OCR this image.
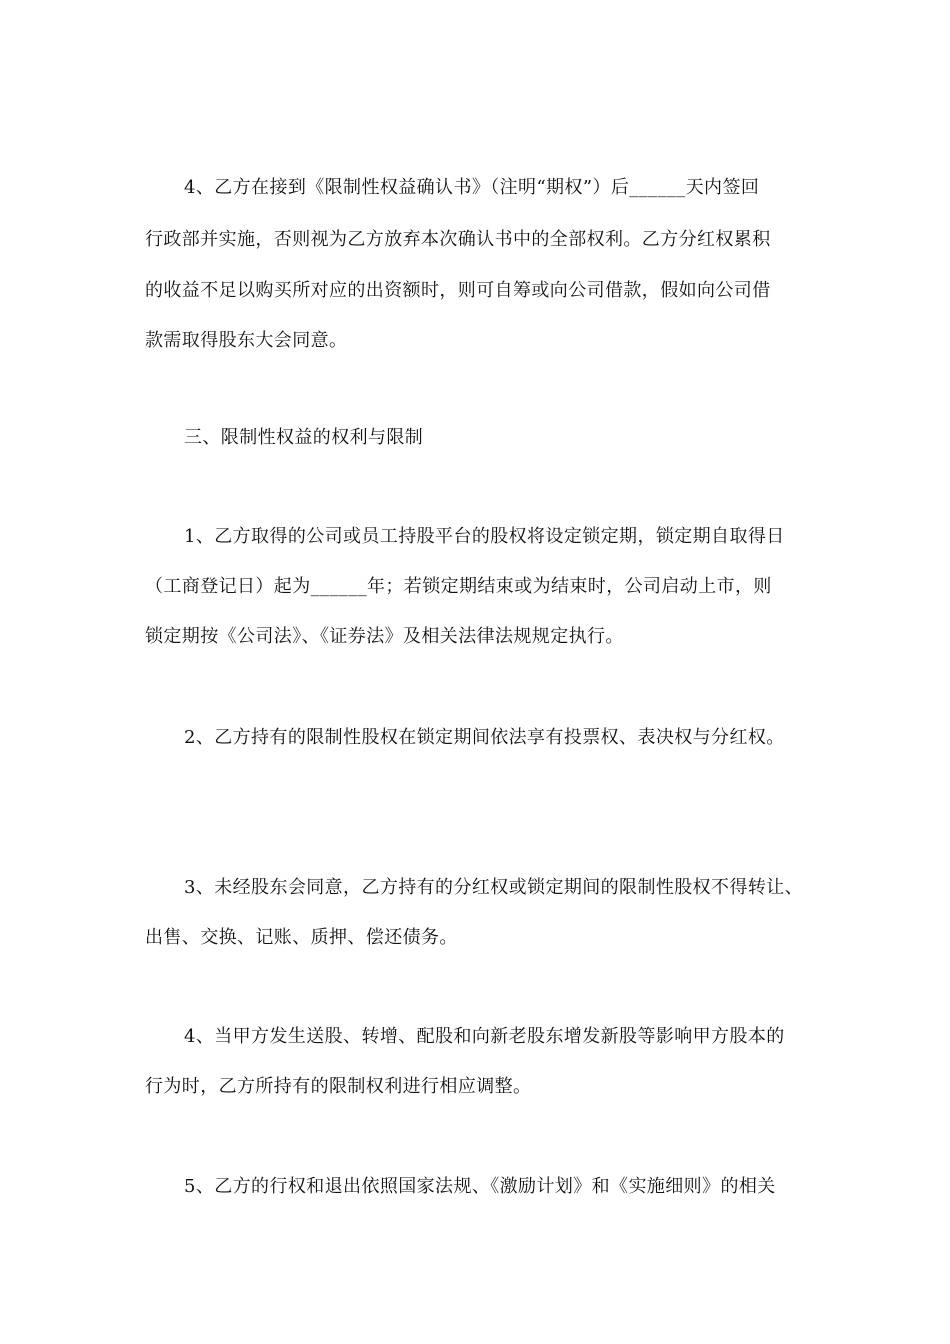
4、乙方在接到《限制性权益确认书》（注明“期权”）后______天内签回
行政部并实施，否则视为乙方放弃本次确认书中的全部权利。乙方分红权累积
的收益不足以购买所对应的出资额时，则可自筹或向公司借款，假如向公司借
款需取得股东大会同意。
三、限制性权益的权利与限制
1、乙方取得的公司或员工持股平台的股权将设定锁定期，锁定期自取得日
（工商登记日）起为______年；若锁定期结束或为结束时，公司启动上市，则
锁定期按《公司法》、《证券法》及相关法律法规规定执行。
2、乙方持有的限制性股权在锁定期间依法享有投票权、表决权与分红权。
3、未经股东会同意，乙方持有的分红权或锁定期间的限制性股权不得转让、
出售、交换、记账、质押、偿还债务。
4、当甲方发生送股、转增、配股和向新老股东增发新股等影响甲方股本的
行为时，乙方所持有的限制权利进行相应调整。
5、乙方的行权和退出依照国家法规、《激励计划》和《实施细则》的相关
